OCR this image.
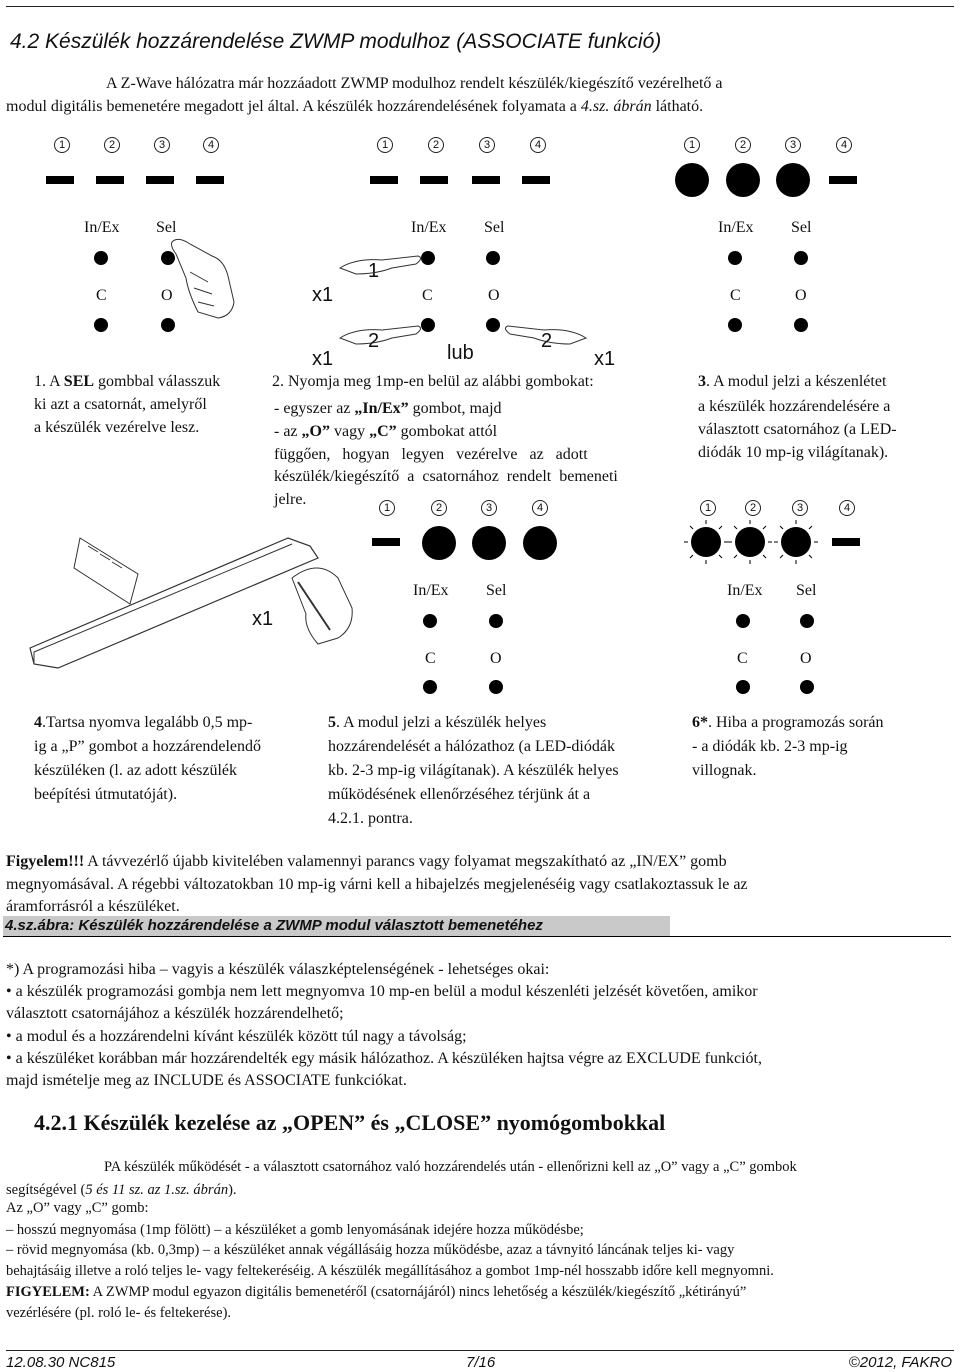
4.2 Készülék hozzárendelése ZWMP modulhoz (ASSOCIATE funkció)
A Z-Wave hálózatra már hozzáadott ZWMP modulhoz rendelt készülék/kiegészítő vezérelhető a
modul digitális bemenetére megadott jel által. A készülék hozzárendelésének folyamata a 4.sz. ábrán látható.
1	2	3	4
In/Ex Sel
C	O
1. A SEL gombbal válasszuk
ki azt a csatornát, amelyről
a készülék vezérelve lesz.
1	2	3	4
In/Ex Sel
1
x1	C	O
2
lub
2
x1	x1
2. Nyomja meg 1mp-en belül az alábbi gombokat:
- egyszer az „In/Ex” gombot, majd
- az „O” vagy „C” gombokat attól
függően,   hogyan   legyen   vezérelve   az   adott
készülék/kiegészítő  a  csatornához  rendelt  bemeneti
jelre.
1	2	3	4
In/Ex Sel
C	O
3. A modul jelzi a készenlétet
a készülék hozzárendelésére a
választott csatornához (a LED-
diódák 10 mp-ig világítanak).
x1
4.Tartsa nyomva legalább 0,5 mp-
ig a „P” gombot a hozzárendelendő
készüléken (l. az adott készülék
beépítési útmutatóját).
1	2	3	4
In/Ex Sel
C	O
5. A modul jelzi a készülék helyes
hozzárendelését a hálózathoz (a LED-diódák
kb. 2-3 mp-ig világítanak). A készülék helyes
működésének ellenőrzéséhez térjünk át a
4.2.1. pontra.
1	2	3	4
In/Ex Sel
C	O
6*. Hiba a programozás során
- a diódák kb. 2-3 mp-ig
villognak.
Figyelem!!! A távvezérlő újabb kivitelében valamennyi parancs vagy folyamat megszakítható az „IN/EX” gomb
megnyomásával. A régebbi változatokban 10 mp-ig várni kell a hibajelzés megjelenéséig vagy csatlakoztassuk le az
áramforrásról a készüléket.
4.sz.ábra: Készülék hozzárendelése a ZWMP modul választott bemenetéhez
*) A programozási hiba – vagyis a készülék válaszképtelenségének - lehetséges okai:
• a készülék programozási gombja nem lett megnyomva 10 mp-en belül a modul készenléti jelzését követően, amikor
választott csatornájához a készülék hozzárendelhető;
• a modul és a hozzárendelni kívánt készülék között túl nagy a távolság;
• a készüléket korábban már hozzárendelték egy másik hálózathoz. A készüléken hajtsa végre az EXCLUDE funkciót,
majd ismételje meg az INCLUDE és ASSOCIATE funkciókat.
4.2.1 Készülék kezelése az „OPEN” és „CLOSE” nyomógombokkal
PA készülék működését - a választott csatornához való hozzárendelés után - ellenőrizni kell az „O” vagy a „C” gombok
segítségével (5 és 11 sz. az 1.sz. ábrán).
Az „O” vagy „C” gomb:
– hosszú megnyomása (1mp fölött) – a készüléket a gomb lenyomásának idejére hozza működésbe;
– rövid megnyomása (kb. 0,3mp) – a készüléket annak végállásáig hozza működésbe, azaz a távnyitó láncának teljes ki- vagy
behajtásáig illetve a roló teljes le- vagy feltekeréséig. A készülék megállításához a gombot 1mp-nél hosszabb időre kell megnyomni.
FIGYELEM: A ZWMP modul egyazon digitális bemenetéről (csatornájáról) nincs lehetőség a készülék/kiegészítő „kétirányú”
vezérlésére (pl. roló le- és feltekerése).
12.08.30 NC815	7/16	©2012, FAKRO
